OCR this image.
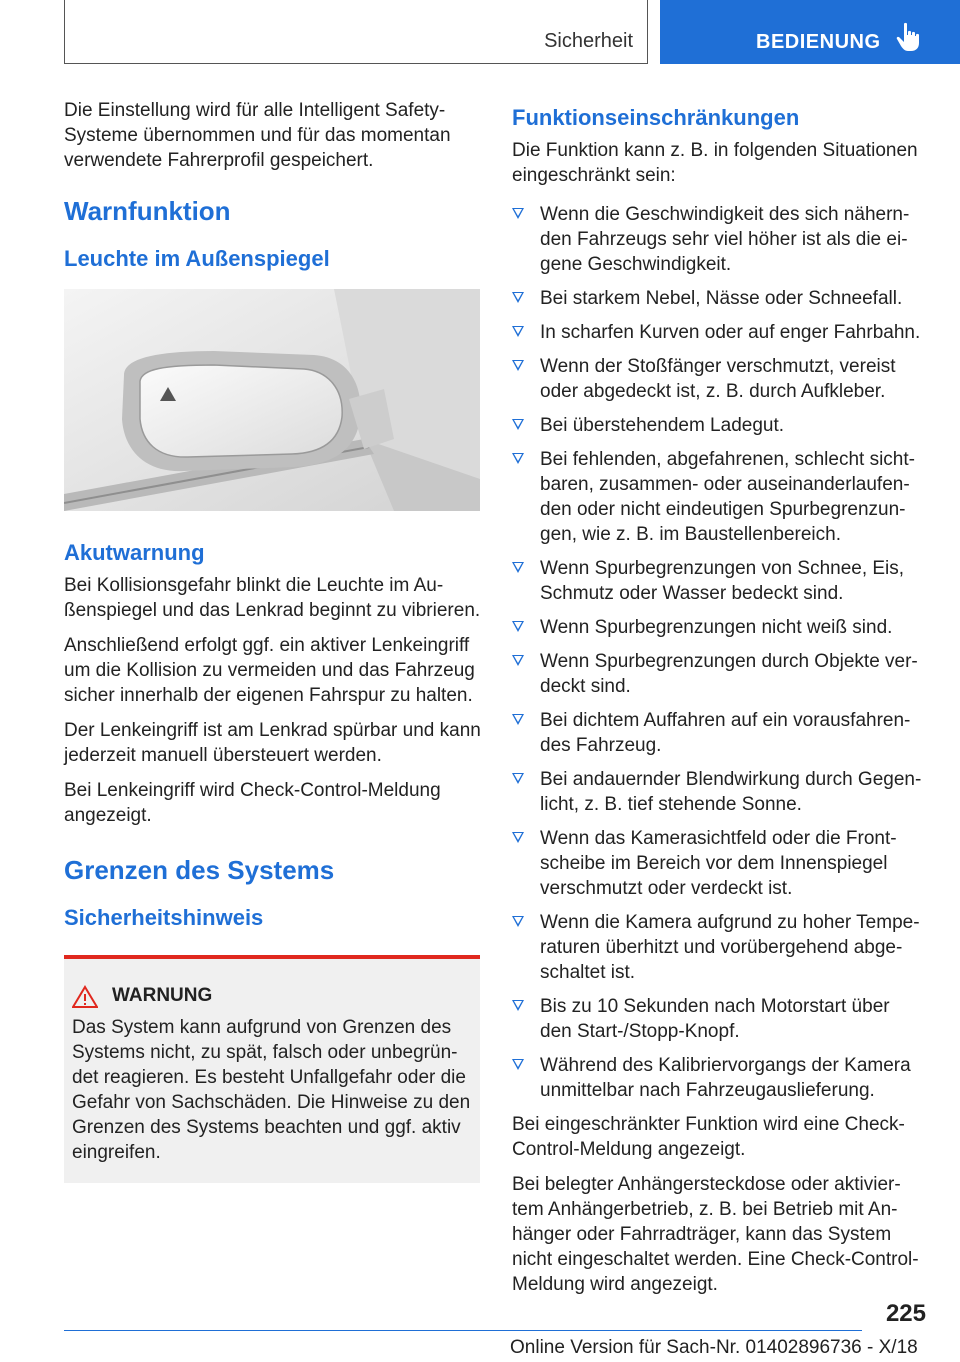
Sicherheit	BEDIENUNG

Die Einstellung wird für alle Intelligent Safety-Systeme übernommen und für das momentan verwendete Fahrerprofil gespeichert.

Warnfunktion
Leuchte im Außenspiegel
Akutwarnung

Bei Kollisionsgefahr blinkt die Leuchte im Au-ßenspiegel und das Lenkrad beginnt zu vibrieren.

Anschließend erfolgt ggf. ein aktiver Lenkeingriff um die Kollision zu vermeiden und das Fahrzeug sicher innerhalb der eigenen Fahrspur zu halten.

Der Lenkeingriff ist am Lenkrad spürbar und kann jederzeit manuell übersteuert werden.

Bei Lenkeingriff wird Check-Control-Meldung angezeigt.

Grenzen des Systems
Sicherheitshinweis
WARNUNG

Das System kann aufgrund von Grenzen des Systems nicht, zu spät, falsch oder unbegrün-det reagieren. Es besteht Unfallgefahr oder die Gefahr von Sachschäden. Die Hinweise zu den Grenzen des Systems beachten und ggf. aktiv eingreifen.

Funktionseinschränkungen

Die Funktion kann z. B. in folgenden Situationen eingeschränkt sein:

Wenn die Geschwindigkeit des sich nähern-den Fahrzeugs sehr viel höher ist als die ei-gene Geschwindigkeit.
Bei starkem Nebel, Nässe oder Schneefall.
In scharfen Kurven oder auf enger Fahrbahn.
Wenn der Stoßfänger verschmutzt, vereist oder abgedeckt ist, z. B. durch Aufkleber.
Bei überstehendem Ladegut.
Bei fehlenden, abgefahrenen, schlecht sicht-baren, zusammen- oder auseinanderlaufen-den oder nicht eindeutigen Spurbegrenzun-gen, wie z. B. im Baustellenbereich.
Wenn Spurbegrenzungen von Schnee, Eis, Schmutz oder Wasser bedeckt sind.
Wenn Spurbegrenzungen nicht weiß sind.
Wenn Spurbegrenzungen durch Objekte ver-deckt sind.
Bei dichtem Auffahren auf ein vorausfahren-des Fahrzeug.
Bei andauernder Blendwirkung durch Gegen-licht, z. B. tief stehende Sonne.
Wenn das Kamerasichtfeld oder die Front-scheibe im Bereich vor dem Innenspiegel verschmutzt oder verdeckt ist.
Wenn die Kamera aufgrund zu hoher Tempe-raturen überhitzt und vorübergehend abge-schaltet ist.
Bis zu 10 Sekunden nach Motorstart über den Start-/Stopp-Knopf.
Während des Kalibriervorgangs der Kamera unmittelbar nach Fahrzeugauslieferung.

Bei eingeschränkter Funktion wird eine Check-Control-Meldung angezeigt.

Bei belegter Anhängersteckdose oder aktivier-tem Anhängerbetrieb, z. B. bei Betrieb mit An-hänger oder Fahrradträger, kann das System nicht eingeschaltet werden. Eine Check-Control-Meldung wird angezeigt.

225
Online Version für Sach-Nr. 01402896736 - X/18
